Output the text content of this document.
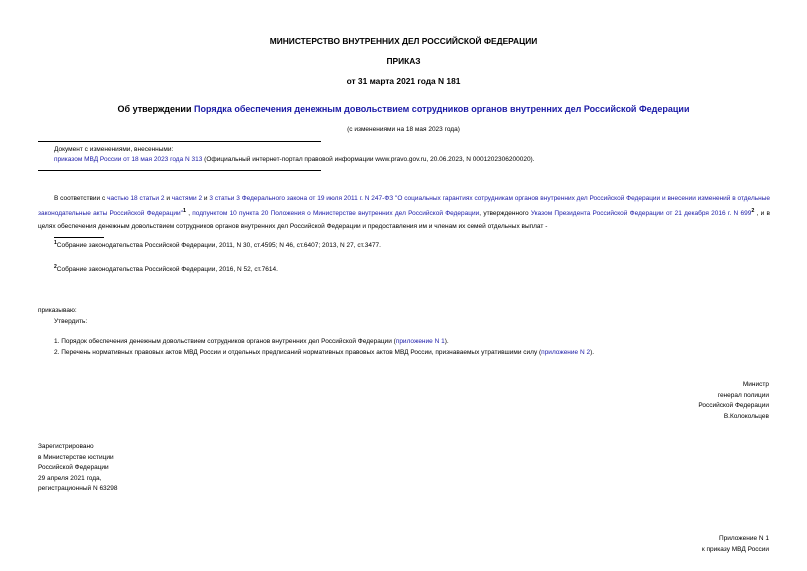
МИНИСТЕРСТВО ВНУТРЕННИХ ДЕЛ РОССИЙСКОЙ ФЕДЕРАЦИИ
ПРИКАЗ
от 31 марта 2021 года N 181
Об утверждении Порядка обеспечения денежным довольствием сотрудников органов внутренних дел Российской Федерации
(с изменениями на 18 мая 2023 года)
Документ с изменениями, внесенными:
приказом МВД России от 18 мая 2023 года N 313 (Официальный интернет-портал правовой информации www.pravo.gov.ru, 20.06.2023, N 0001202306200020).
В соответствии с частью 18 статьи 2 и частями 2 и 3 статьи 3 Федерального закона от 19 июля 2011 г. N 247-ФЗ "О социальных гарантиях сотрудникам органов внутренних дел Российской Федерации и внесении изменений в отдельные законодательные акты Российской Федерации"$^1$ , подпунктом 10 пункта 20 Положения о Министерстве внутренних дел Российской Федерации, утвержденного Указом Президента Российской Федерации от 21 декабря 2016 г. N 699$^2$ , и в целях обеспечения денежным довольствием сотрудников органов внутренних дел Российской Федерации и предоставления им и членам их семей отдельных выплат -
$^1$Собрание законодательства Российской Федерации, 2011, N 30, ст.4595; N 46, ст.6407; 2013, N 27, ст.3477.
$^2$Собрание законодательства Российской Федерации, 2016, N 52, ст.7614.
приказываю:
Утвердить:
1. Порядок обеспечения денежным довольствием сотрудников органов внутренних дел Российской Федерации (приложение N 1).
2. Перечень нормативных правовых актов МВД России и отдельных предписаний нормативных правовых актов МВД России, признаваемых утратившими силу (приложение N 2).
Министр
генерал полиции
Российской Федерации
В.Колокольцев
Зарегистрировано
в Министерстве юстиции
Российской Федерации
29 апреля 2021 года,
регистрационный N 63298
Приложение N 1
к приказу МВД России
